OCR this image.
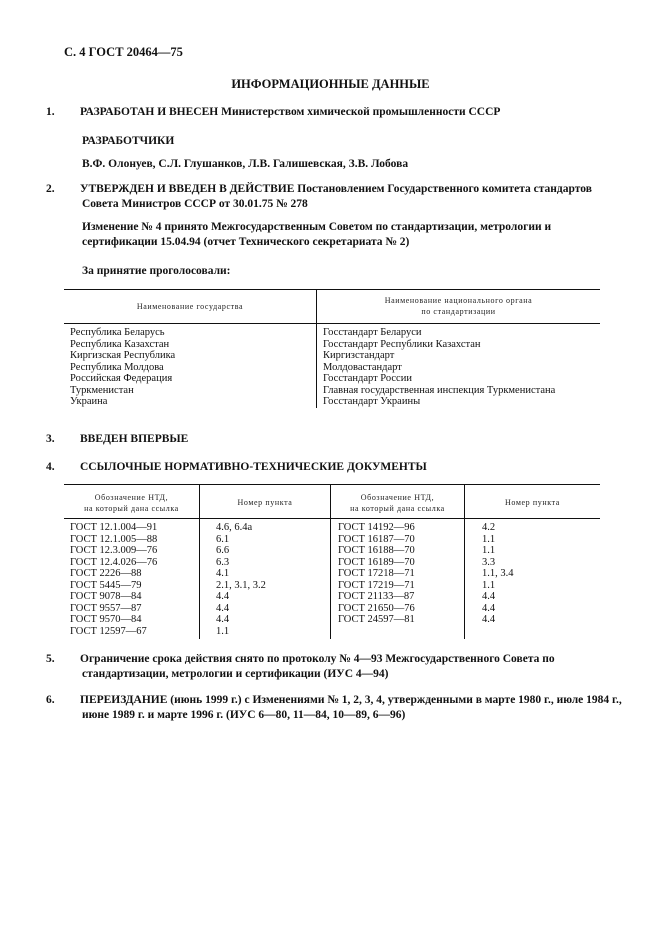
С. 4 ГОСТ 20464—75
ИНФОРМАЦИОННЫЕ ДАННЫЕ
1. РАЗРАБОТАН И ВНЕСЕН Министерством химической промышленности СССР
РАЗРАБОТЧИКИ
В.Ф. Олонуев, С.Л. Глушанков, Л.В. Галишевская, З.В. Лобова
2. УТВЕРЖДЕН И ВВЕДЕН В ДЕЙСТВИЕ Постановлением Государственного комитета стандартов Совета Министров СССР от 30.01.75 № 278
Изменение № 4 принято Межгосударственным Советом по стандартизации, метрологии и сертификации 15.04.94 (отчет Технического секретариата № 2)
За принятие проголосовали:
Наименование государства
Наименование национального органа
по стандартизации
Республика Беларусь
Республика Казахстан
Киргизская Республика
Республика Молдова
Российская Федерация
Туркменистан
Украина
Госстандарт Беларуси
Госстандарт Республики Казахстан
Киргизстандарт
Молдовастандарт
Госстандарт России
Главная государственная инспекция Туркменистана
Госстандарт Украины
3. ВВЕДЕН ВПЕРВЫЕ
4. ССЫЛОЧНЫЕ НОРМАТИВНО-ТЕХНИЧЕСКИЕ ДОКУМЕНТЫ
Обозначение НТД,
на который дана ссылка
Номер пункта
Обозначение НТД,
на который дана ссылка
Номер пункта
ГОСТ 12.1.004—91
ГОСТ 12.1.005—88
ГОСТ 12.3.009—76
ГОСТ 12.4.026—76
ГОСТ 2226—88
ГОСТ 5445—79
ГОСТ 9078—84
ГОСТ 9557—87
ГОСТ 9570—84
ГОСТ 12597—67
4.6, 6.4а
6.1
6.6
6.3
4.1
2.1, 3.1, 3.2
4.4
4.4
4.4
1.1
ГОСТ 14192—96
ГОСТ 16187—70
ГОСТ 16188—70
ГОСТ 16189—70
ГОСТ 17218—71
ГОСТ 17219—71
ГОСТ 21133—87
ГОСТ 21650—76
ГОСТ 24597—81
4.2
1.1
1.1
3.3
1.1, 3.4
1.1
4.4
4.4
4.4
5. Ограничение срока действия снято по протоколу № 4—93 Межгосударственного Совета по стандартизации, метрологии и сертификации (ИУС 4—94)
6. ПЕРЕИЗДАНИЕ (июнь 1999 г.) с Изменениями № 1, 2, 3, 4, утвержденными в марте 1980 г., июле 1984 г., июне 1989 г. и марте 1996 г. (ИУС 6—80, 11—84, 10—89, 6—96)
